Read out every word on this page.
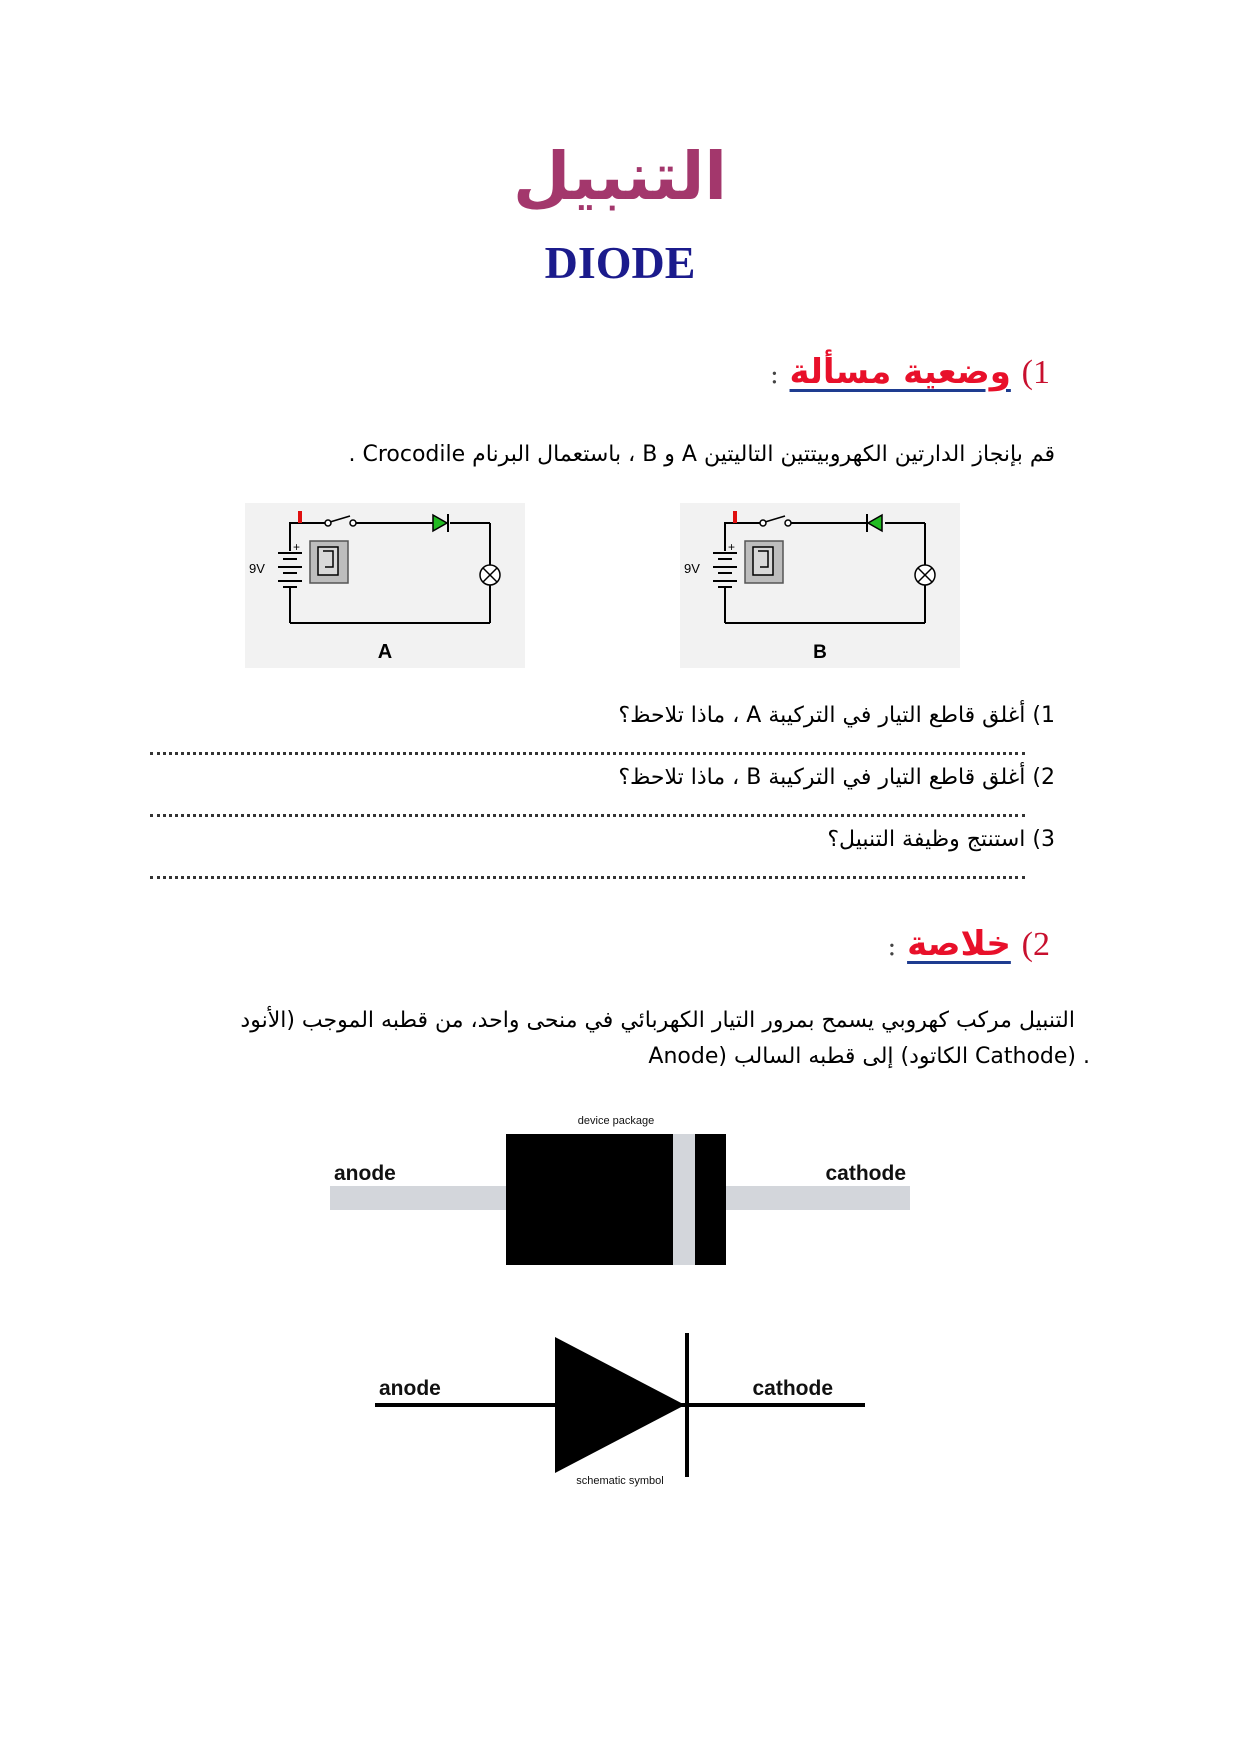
التنبيل
DIODE
1) وضعية مسألة :
قم بإنجاز الدارتين الكهروبيتتين التاليتين A و B ، باستعمال البرنام Crocodile .
+
9V
A
+
9V
B
1) أغلق قاطع التيار في التركيبة A ، ماذا تلاحظ؟
2) أغلق قاطع التيار في التركيبة B ، ماذا تلاحظ؟
3) استنتج وظيفة التنبيل؟
2) خلاصة :
التنبيل مركب كهروبي يسمح بمرور التيار الكهربائي في منحى واحد، من قطبه الموجب (الأنود
Anode) إلى قطبه السالب (الكاتود Cathode) .
device package
anode	cathode
anode	cathode
schematic symbol
